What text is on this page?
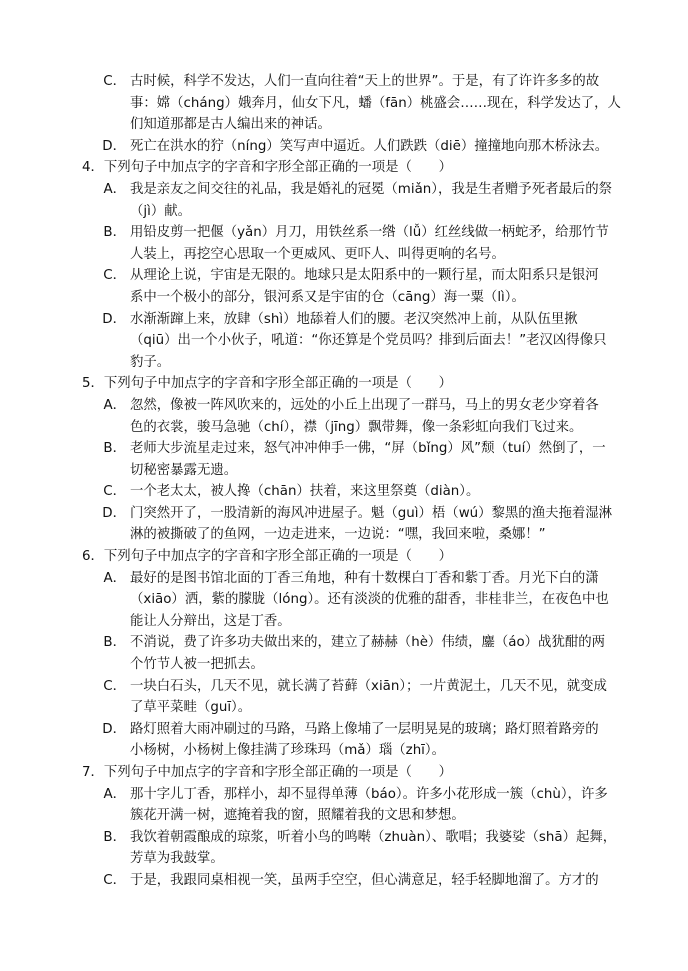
C． 古时候，科学不发达，人们一直向往着“天上的世界”。于是，有了许许多多的故
事：嫦（cháng）娥奔月，仙女下凡，蟠（fān）桃盛会……现在，科学发达了，人
们知道那都是古人编出来的神话。
D． 死亡在洪水的狞（níng）笑写声中逼近。人们跌跌（diē）撞撞地向那木桥泳去。
4．下列句子中加点字的字音和字形全部正确的一项是（　　）
A． 我是亲友之间交往的礼品，我是婚礼的冠冕（miǎn），我是生者赠予死者最后的祭
（jì）献。
B． 用铅皮剪一把偃（yǎn）月刀，用铁丝系一绺（lǚ）红丝线做一柄蛇矛，给那竹节
人装上，再挖空心思取一个更威风、更吓人、叫得更响的名号。
C． 从理论上说，宇宙是无限的。地球只是太阳系中的一颗行星，而太阳系只是银河
系中一个极小的部分，银河系又是宇宙的仓（cāng）海一粟（lì）。
D． 水渐渐蹿上来，放肆（shì）地舔着人们的腰。老汉突然冲上前，从队伍里揪
（qiū）出一个小伙子，吼道：“你还算是个党员吗？排到后面去！”老汉凶得像只
豹子。
5．下列句子中加点字的字音和字形全部正确的一项是（　　）
A． 忽然，像被一阵风吹来的，远处的小丘上出现了一群马，马上的男女老少穿着各
色的衣裳，骏马急驰（chí），襟（jīng）飘带舞，像一条彩虹向我们飞过来。
B． 老师大步流星走过来，怒气冲冲伸手一佛，“屏（bǐng）风”颓（tuí）然倒了，一
切秘密暴露无遗。
C． 一个老太太，被人搀（chān）扶着，来这里祭奠（diàn）。
D． 门突然开了，一股清新的海风冲进屋子。魁（guì）梧（wú）黎黑的渔夫拖着湿淋
淋的被撕破了的鱼网，一边走进来，一边说：“嘿，我回来啦，桑娜！”
6．下列句子中加点字的字音和字形全部正确的一项是（　　）
A． 最好的是图书馆北面的丁香三角地，种有十数棵白丁香和紫丁香。月光下白的潇
（xiāo）洒，紫的朦胧（lóng）。还有淡淡的优雅的甜香，非桂非兰，在夜色中也
能让人分辩出，这是丁香。
B． 不消说，费了许多功夫做出来的，建立了赫赫（hè）伟绩，鏖（áo）战犹酣的两
个竹节人被一把抓去。
C． 一块白石头，几天不见，就长满了苔藓（xiān）；一片黄泥土，几天不见，就变成
了草平菜畦（guī）。
D． 路灯照着大雨冲刷过的马路，马路上像埔了一层明晃晃的玻璃；路灯照着路旁的
小杨树，小杨树上像挂满了珍珠玛（mǎ）瑙（zhī）。
7．下列句子中加点字的字音和字形全部正确的一项是（　　）
A． 那十字儿丁香，那样小，却不显得单薄（báo）。许多小花形成一簇（chù），许多
簇花开满一树，遮掩着我的窗，照耀着我的文思和梦想。
B． 我饮着朝霞酿成的琼浆，听着小鸟的鸣啭（zhuàn）、歌唱；我婆娑（shā）起舞，
芳草为我鼓掌。
C． 于是，我跟同桌相视一笑，虽两手空空，但心满意足，轻手轻脚地溜了。方才的
